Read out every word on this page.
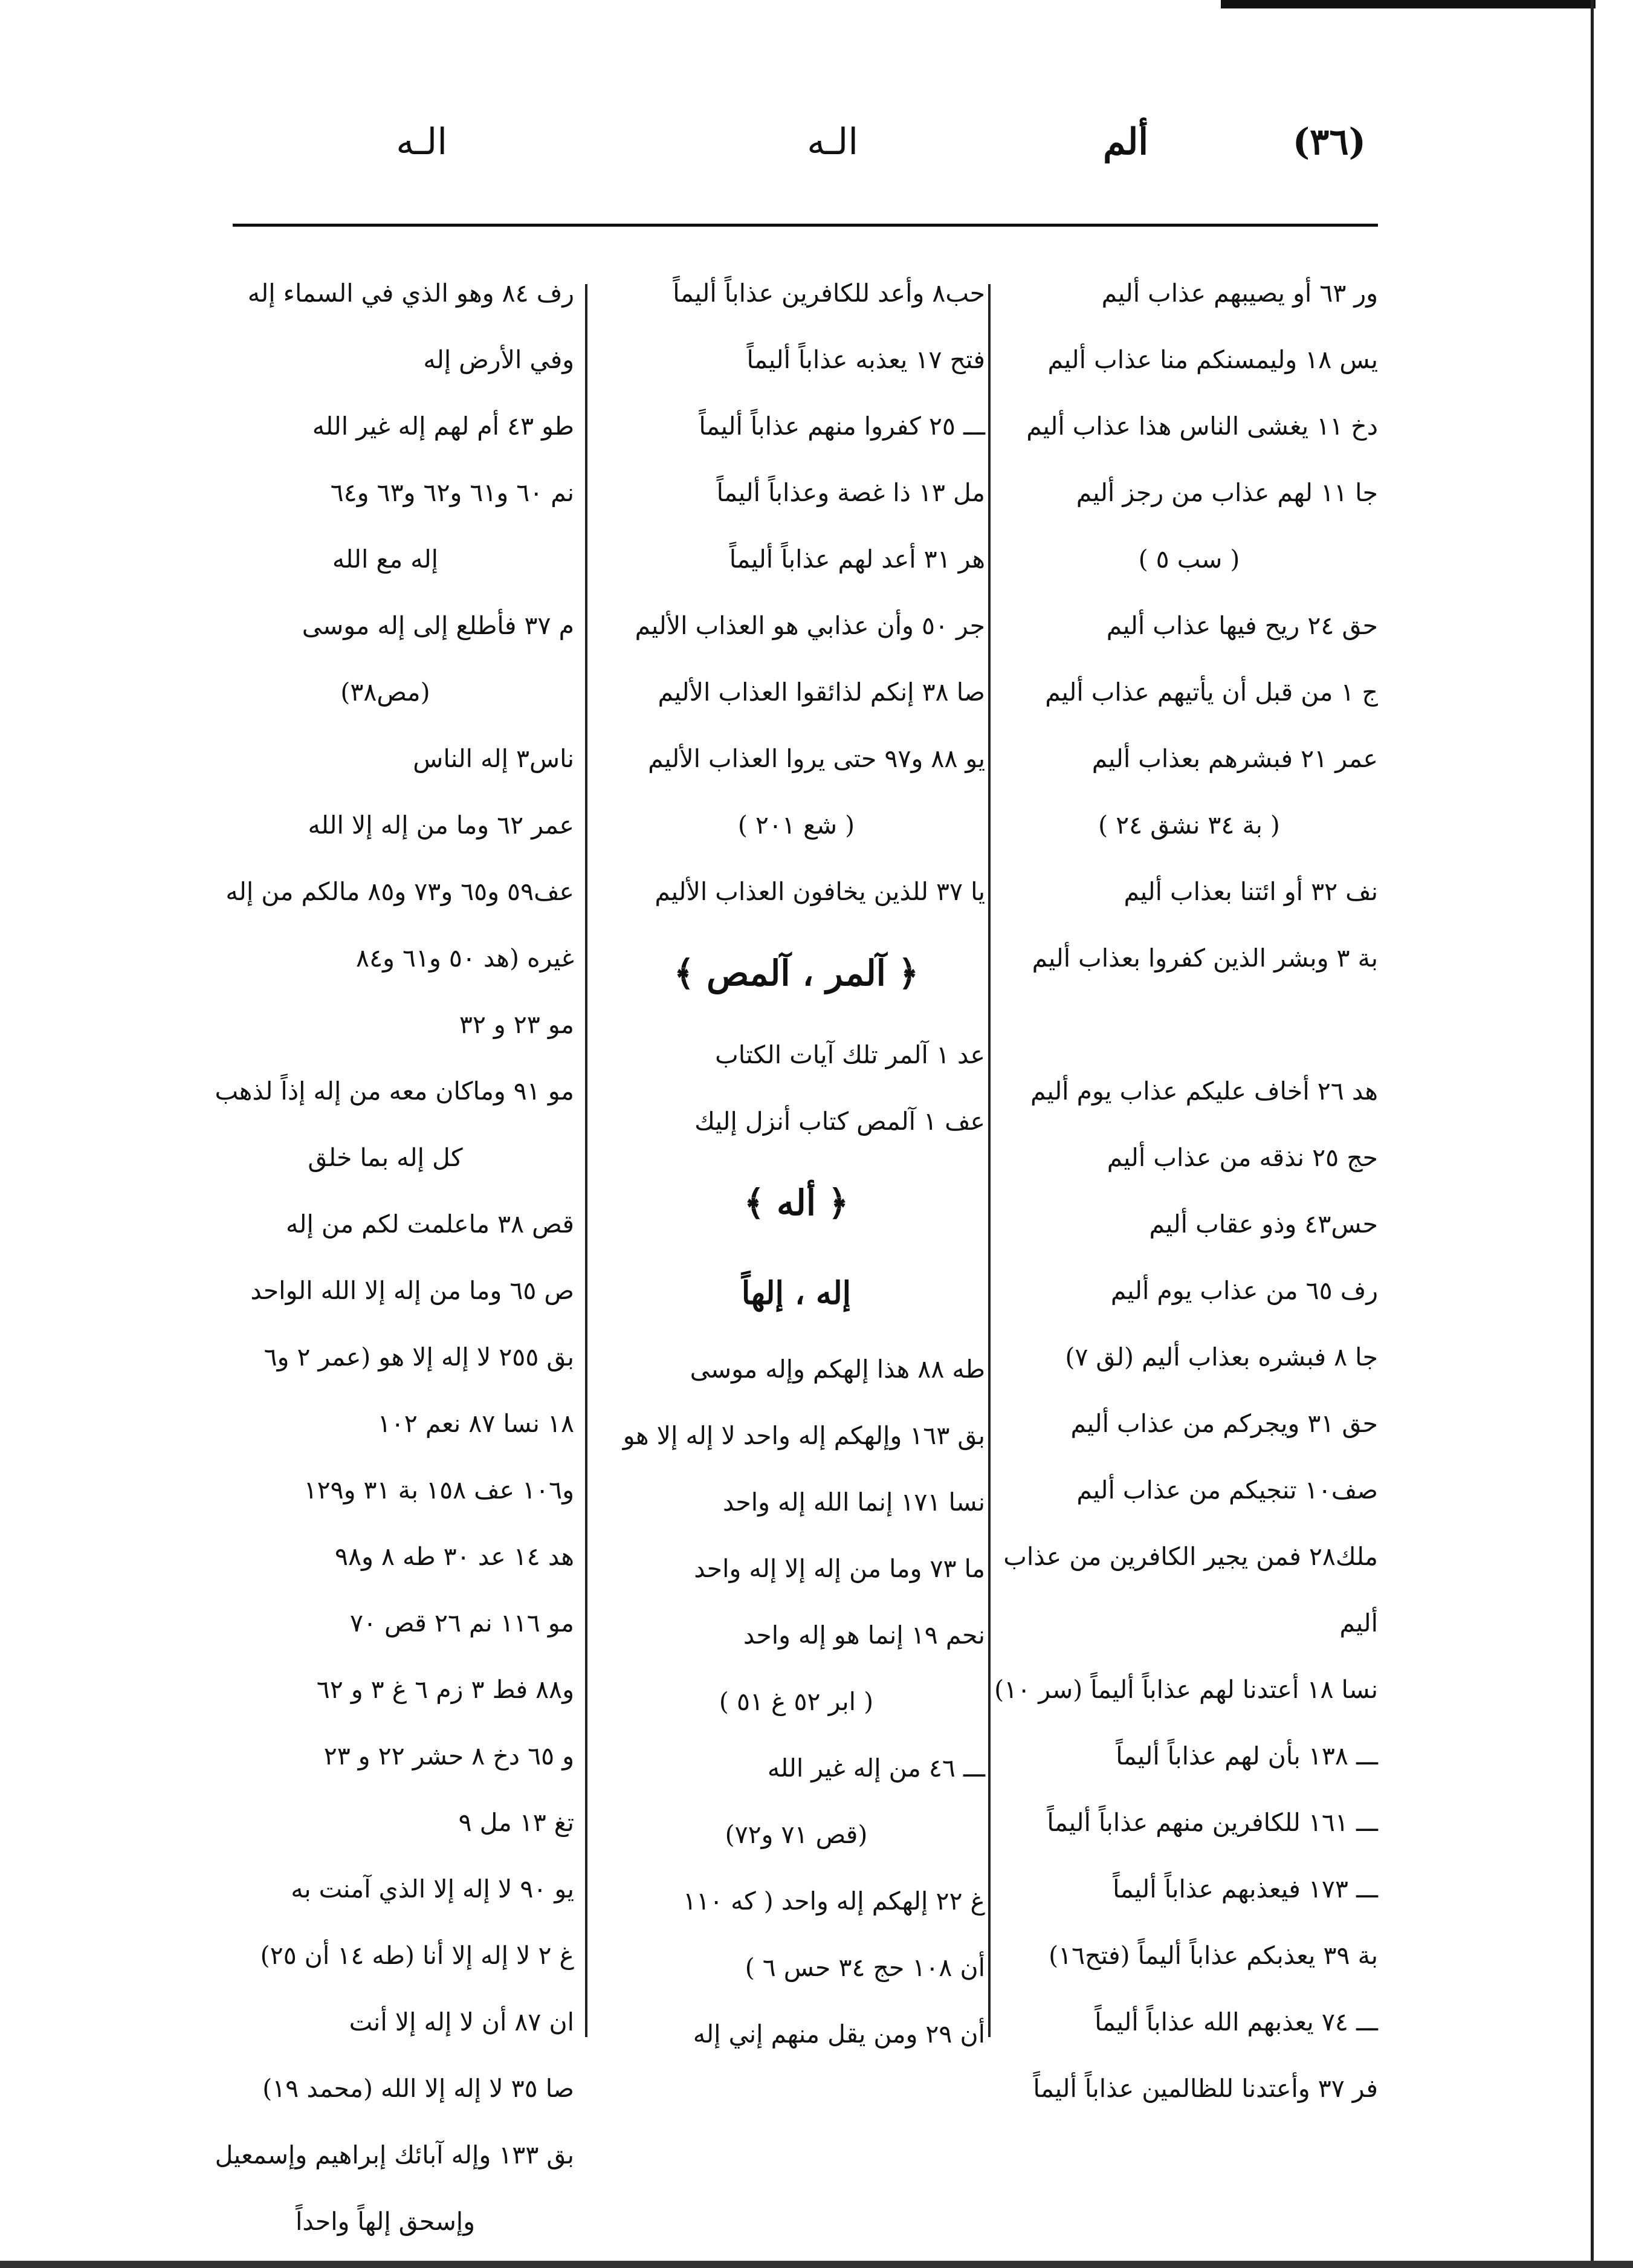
(٣٦)
ألم
الـه
الـه
ور ٦٣ أو يصيبهم عذاب أليم
يس ١٨ وليمسنكم منا عذاب أليم
دخ ١١ يغشى الناس هذا عذاب أليم
جا ١١ لهم عذاب من رجز أليم
( سب ٥ )
حق ٢٤ ريح فيها عذاب أليم
ج ١ من قبل أن يأتيهم عذاب أليم
عمر ٢١ فبشرهم بعذاب أليم
( بة ٣٤ نشق ٢٤ )
نف ٣٢ أو ائتنا بعذاب أليم
بة ٣ وبشر الذين كفروا بعذاب أليم
هد ٢٦ أخاف عليكم عذاب يوم أليم
حج ٢٥ نذقه من عذاب أليم
حس٤٣ وذو عقاب أليم
رف ٦٥ من عذاب يوم أليم
جا ٨ فبشره بعذاب أليم (لق ٧)
حق ٣١ ويجركم من عذاب أليم
صف١٠ تنجيكم من عذاب أليم
ملك٢٨ فمن يجير الكافرين من عذاب أليم
نسا ١٨ أعتدنا لهم عذاباً أليماً (سر ١٠)
ـــ ١٣٨ بأن لهم عذاباً أليماً
ـــ ١٦١ للكافرين منهم عذاباً أليماً
ـــ ١٧٣ فيعذبهم عذاباً أليماً
بة ٣٩ يعذبكم عذاباً أليماً (فتح١٦)
ـــ ٧٤ يعذبهم الله عذاباً أليماً
فر ٣٧ وأعتدنا للظالمين عذاباً أليماً
حب٨ وأعد للكافرين عذاباً أليماً
فتح ١٧ يعذبه عذاباً أليماً
ـــ ٢٥ كفروا منهم عذاباً أليماً
مل ١٣ ذا غصة وعذاباً أليماً
هر ٣١ أعد لهم عذاباً أليماً
جر ٥٠ وأن عذابي هو العذاب الأليم
صا ٣٨ إنكم لذائقوا العذاب الأليم
يو ٨٨ و٩٧ حتى يروا العذاب الأليم
( شع ٢٠١ )
يا ٣٧ للذين يخافون العذاب الأليم
﴿ آلمر ، آلمص ﴾
عد ١ آلمر تلك آيات الكتاب
عف ١ آلمص كتاب أنزل إليك
﴿ أله ﴾
إله ، إلهاً
طه ٨٨ هذا إلهكم وإله موسى
بق ١٦٣ وإلهكم إله واحد لا إله إلا هو
نسا ١٧١ إنما الله إله واحد
ما ٧٣ وما من إله إلا إله واحد
نحم ١٩ إنما هو إله واحد
( ابر ٥٢ غ ٥١ )
ـــ ٤٦ من إله غير الله
(قص ٧١ و٧٢)
غ ٢٢ إلهكم إله واحد ( كه ١١٠
أن ١٠٨ حج ٣٤ حس ٦ )
أن ٢٩ ومن يقل منهم إني إله
رف ٨٤ وهو الذي في السماء إله وفي الأرض إله
طو ٤٣ أم لهم إله غير الله
نم ٦٠ و٦١ و٦٢ و٦٣ و٦٤
إله مع الله
م ٣٧ فأطلع إلى إله موسى
(مص٣٨)
ناس٣ إله الناس
عمر ٦٢ وما من إله إلا الله
عف٥٩ و٦٥ و٧٣ و٨٥ مالكم من إله
غيره (هد ٥٠ و٦١ و٨٤
مو ٢٣ و ٣٢
مو ٩١ وماكان معه من إله إذاً لذهب
كل إله بما خلق
قص ٣٨ ماعلمت لكم من إله
ص ٦٥ وما من إله إلا الله الواحد
بق ٢٥٥ لا إله إلا هو (عمر ٢ و٦
١٨ نسا ٨٧ نعم ١٠٢
و١٠٦ عف ١٥٨ بة ٣١ و١٢٩
هد ١٤ عد ٣٠ طه ٨ و٩٨
مو ١١٦ نم ٢٦ قص ٧٠
و٨٨ فط ٣ زم ٦ غ ٣ و ٦٢
و ٦٥ دخ ٨ حشر ٢٢ و ٢٣
تغ ١٣ مل ٩
يو ٩٠ لا إله إلا الذي آمنت به
غ ٢ لا إله إلا أنا (طه ١٤ أن ٢٥)
ان ٨٧ أن لا إله إلا أنت
صا ٣٥ لا إله إلا الله (محمد ١٩)
بق ١٣٣ وإله آبائك إبراهيم وإسمعيل
وإسحق إلهاً واحداً
